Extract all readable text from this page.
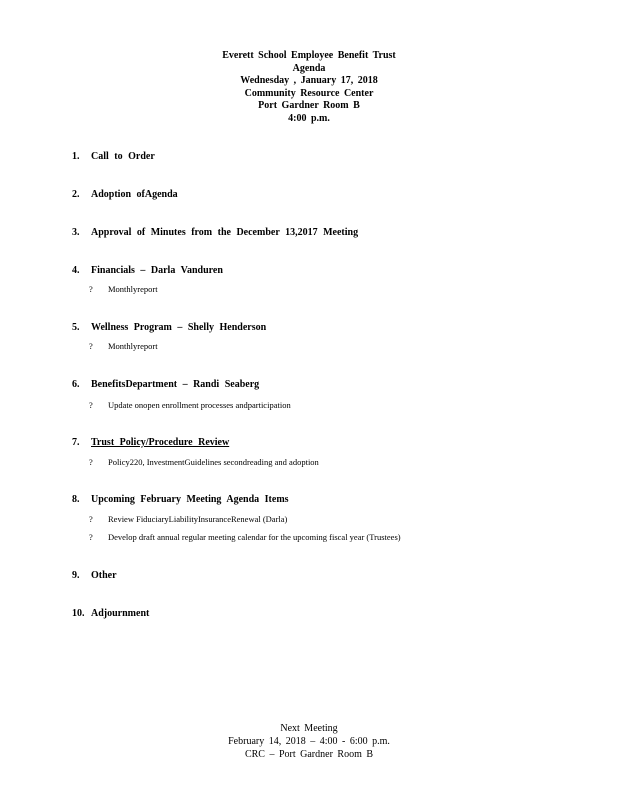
Everett School Employee Benefit Trust
Agenda
Wednesday , January 17, 2018
Community Resource Center
Port Gardner Room B
4:00 p.m.
1.	Call to Order
2.	Adoption ofAgenda
3.	Approval of Minutes from the December 13,2017 Meeting
4.	Financials – Darla Vanduren
? Monthlyreport
5.	Wellness Program – Shelly Henderson
? Monthlyreport
6.	BenefitsDepartment – Randi Seaberg
? Update onopen enrollment processes andparticipation
7.	Trust Policy/Procedure Review
? Policy220, InvestmentGuidelines secondreading and adoption
8.	Upcoming February Meeting Agenda Items
? Review FiduciaryLiabilityInsuranceRenewal (Darla)
? Develop draft annual regular meeting calendar for the upcoming fiscal year (Trustees)
9.	Other
10. Adjournment
Next Meeting
February 14, 2018 – 4:00 - 6:00 p.m.
CRC – Port Gardner Room B
